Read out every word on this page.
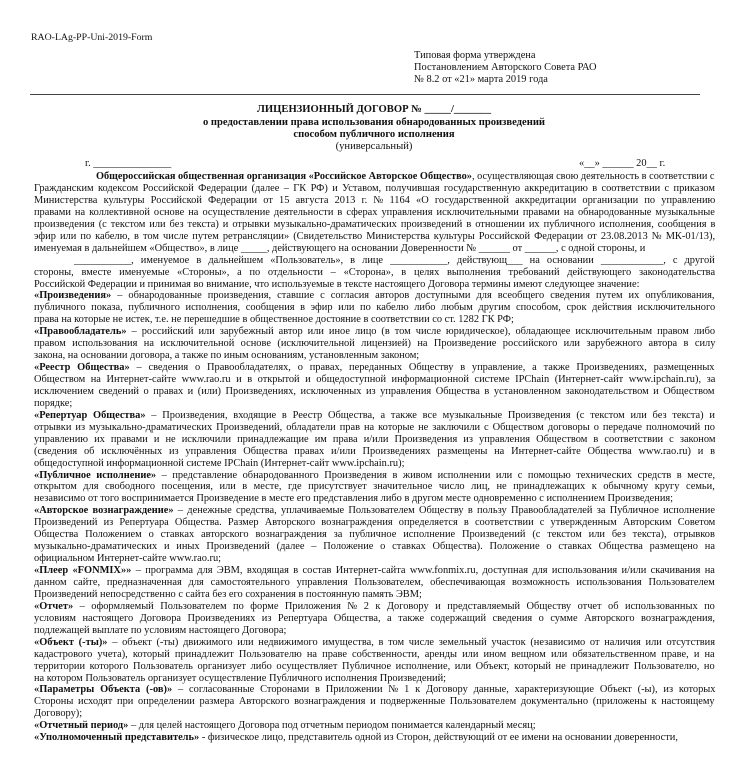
RAO-LAg-PP-Uni-2019-Form
Типовая форма утверждена
Постановлением Авторского Совета РАО
№ 8.2 от «21» марта 2019 года
ЛИЦЕНЗИОННЫЙ ДОГОВОР № _____/_______
о предоставлении права использования обнародованных произведений
способом публичного исполнения
(универсальный)
г. _______________	«__» ______ 20__ г.
Общероссийская общественная организация «Российское Авторское Общество», осуществляющая свою деятельность в соответствии с
Гражданским кодексом Российской Федерации (далее – ГК РФ) и Уставом, получившая государственную аккредитацию в соответствии с приказом
Министерства культуры Российской Федерации от 15 августа 2013 г. № 1164 «О государственной аккредитации организации по управлению
правами на коллективной основе на осуществление деятельности в сферах управления исключительными правами на обнародованные музыкальные
произведения (с текстом или без текста) и отрывки музыкально-драматических произведений в отношении их публичного исполнения, сообщения в
эфир или по кабелю, в том числе путем ретрансляции» (Свидетельство Министерства культуры Российской Федерации от 23.08.2013 № МК-01/13),
именуемая в дальнейшем «Общество», в лице _____, действующего на основании Доверенности № ______ от ______, с одной стороны, и
___________, именуемое в дальнейшем «Пользователь», в лице ___________, действующ___ на основании ____________, с другой
стороны, вместе именуемые «Стороны», а по отдельности – «Сторона», в целях выполнения требований действующего законодательства
Российской Федерации и принимая во внимание, что используемые в тексте настоящего Договора термины имеют следующее значение:
«Произведения» – обнародованные произведения, ставшие с согласия авторов доступными для всеобщего сведения путем их опубликования,
публичного показа, публичного исполнения, сообщения в эфир или по кабелю либо любым другим способом, срок действия исключительного
права на которые не истек, т.е. не перешедшие в общественное достояние в соответствии со ст. 1282 ГК РФ;
«Правообладатель» – российский или зарубежный автор или иное лицо (в том числе юридическое), обладающее исключительным правом либо
правом использования на исключительной основе (исключительной лицензией) на Произведение российского или зарубежного автора в силу
закона, на основании договора, а также по иным основаниям, установленным законом;
«Реестр Общества» – сведения о Правообладателях, о правах, переданных Обществу в управление, а также Произведениях, размещенных
Обществом на Интернет-сайте www.rao.ru и в открытой и общедоступной информационной системе IPChain (Интернет-сайт www.ipchain.ru), за
исключением сведений о правах и (или) Произведениях, исключенных из управления Общества в установленном законодательством и Обществом
порядке;
«Репертуар Общества» – Произведения, входящие в Реестр Общества, а также все музыкальные Произведения (с текстом или без текста) и
отрывки из музыкально-драматических Произведений, обладатели прав на которые не заключили с Обществом договоры о передаче полномочий по
управлению их правами и не исключили принадлежащие им права и/или Произведения из управления Обществом в соответствии с законом
(сведения об исключённых из управления Общества правах и/или Произведениях размещены на Интернет-сайте Общества www.rao.ru) и в
общедоступной информационной системе IPChain (Интернет-сайт www.ipchain.ru);
«Публичное исполнение» – представление обнародованного Произведения в живом исполнении или с помощью технических средств в месте,
открытом для свободного посещения, или в месте, где присутствует значительное число лиц, не принадлежащих к обычному кругу семьи,
независимо от того воспринимается Произведение в месте его представления либо в другом месте одновременно с исполнением Произведения;
«Авторское вознаграждение» – денежные средства, уплачиваемые Пользователем Обществу в пользу Правообладателей за Публичное исполнение
Произведений из Репертуара Общества. Размер Авторского вознаграждения определяется в соответствии с утвержденным Авторским Советом
Общества Положением о ставках авторского вознаграждения за публичное исполнение Произведений (с текстом или без текста), отрывков
музыкально-драматических и иных Произведений (далее – Положение о ставках Общества). Положение о ставках Общества размещено на
официальном Интернет-сайте www.rao.ru;
«Плеер «FONMIX»» – программа для ЭВМ, входящая в состав Интернет-сайта www.fonmix.ru, доступная для использования и/или скачивания на
данном сайте, предназначенная для самостоятельного управления Пользователем, обеспечивающая возможность использования Пользователем
Произведений непосредственно с сайта без его сохранения в постоянную память ЭВМ;
«Отчет» – оформляемый Пользователем по форме Приложения № 2 к Договору и представляемый Обществу отчет об использованных по
условиям настоящего Договора Произведениях из Репертуара Общества, а также содержащий сведения о сумме Авторского вознаграждения,
подлежащей выплате по условиям настоящего Договора;
«Объект (-ты)» – объект (-ты) движимого или недвижимого имущества, в том числе земельный участок (независимо от наличия или отсутствия
кадастрового учета), который принадлежит Пользователю на праве собственности, аренды или ином вещном или обязательственном праве, и на
территории которого Пользователь организует либо осуществляет Публичное исполнение, или Объект, который не принадлежит Пользователю, но
на котором Пользователь организует осуществление Публичного исполнения Произведений;
«Параметры Объекта (-ов)» – согласованные Сторонами в Приложении № 1 к Договору данные, характеризующие Объект (-ы), из которых
Стороны исходят при определении размера Авторского вознаграждения и подверженные Пользователем документально (приложены к настоящему
Договору);
«Отчетный период» – для целей настоящего Договора под отчетным периодом понимается календарный месяц;
«Уполномоченный представитель» - физическое лицо, представитель одной из Сторон, действующий от ее имени на основании доверенности,
